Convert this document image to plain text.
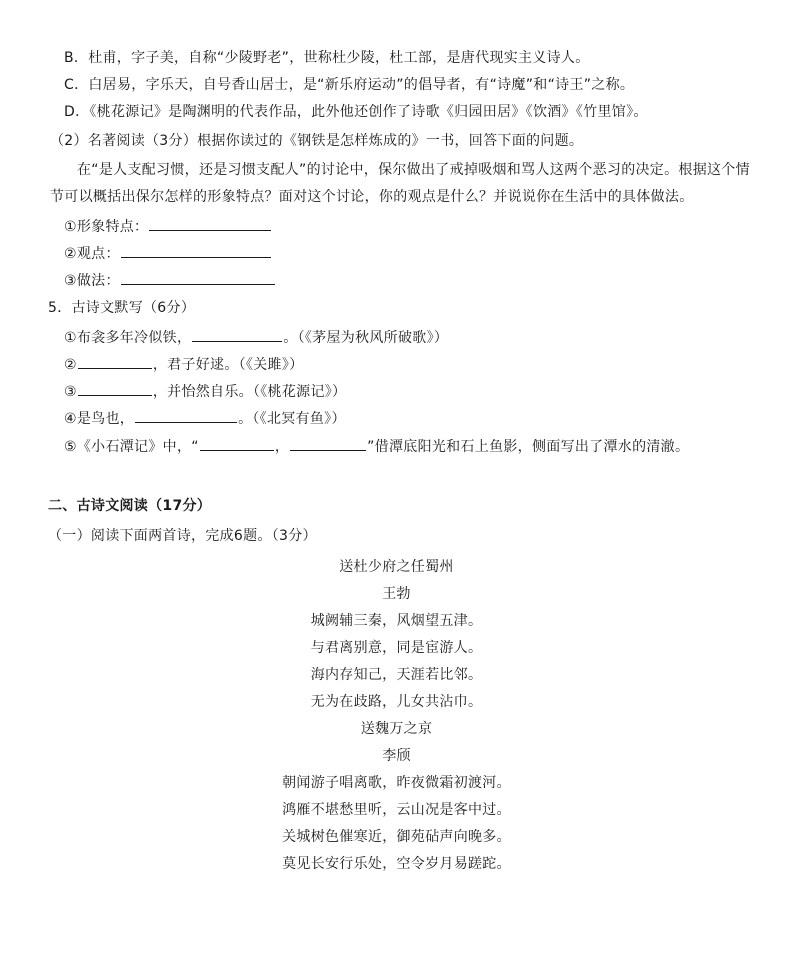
B．杜甫，字子美，自称“少陵野老”，世称杜少陵，杜工部，是唐代现实主义诗人。
C．白居易，字乐天，自号香山居士，是“新乐府运动”的倡导者，有“诗魔”和“诗王”之称。
D．《桃花源记》是陶渊明的代表作品，此外他还创作了诗歌《归园田居》《饮酒》《竹里馆》。
（2）名著阅读（3分）根据你读过的《钢铁是怎样炼成的》一书，回答下面的问题。
在“是人支配习惯，还是习惯支配人”的讨论中，保尔做出了戒掉吸烟和骂人这两个恶习的决定。根据这个情
节可以概括出保尔怎样的形象特点？面对这个讨论，你的观点是什么？并说说你在生活中的具体做法。
①形象特点：
②观点：
③做法：
5．古诗文默写（6分）
①布衾多年冷似铁，	。（《茅屋为秋风所破歌》）
②	，君子好逑。（《关雎》）
③	，并怡然自乐。（《桃花源记》）
④是鸟也，	。（《北冥有鱼》）
⑤《小石潭记》中，“	，	”借潭底阳光和石上鱼影，侧面写出了潭水的清澈。
二、古诗文阅读（17分）
（一）阅读下面两首诗，完成6题。（3分）
送杜少府之任蜀州
王勃
城阙辅三秦，风烟望五津。
与君离别意，同是宦游人。
海内存知己，天涯若比邻。
无为在歧路，儿女共沾巾。
送魏万之京
李颀
朝闻游子唱离歌，昨夜微霜初渡河。
鸿雁不堪愁里听，云山况是客中过。
关城树色催寒近，御苑砧声向晚多。
莫见长安行乐处，空令岁月易蹉跎。
